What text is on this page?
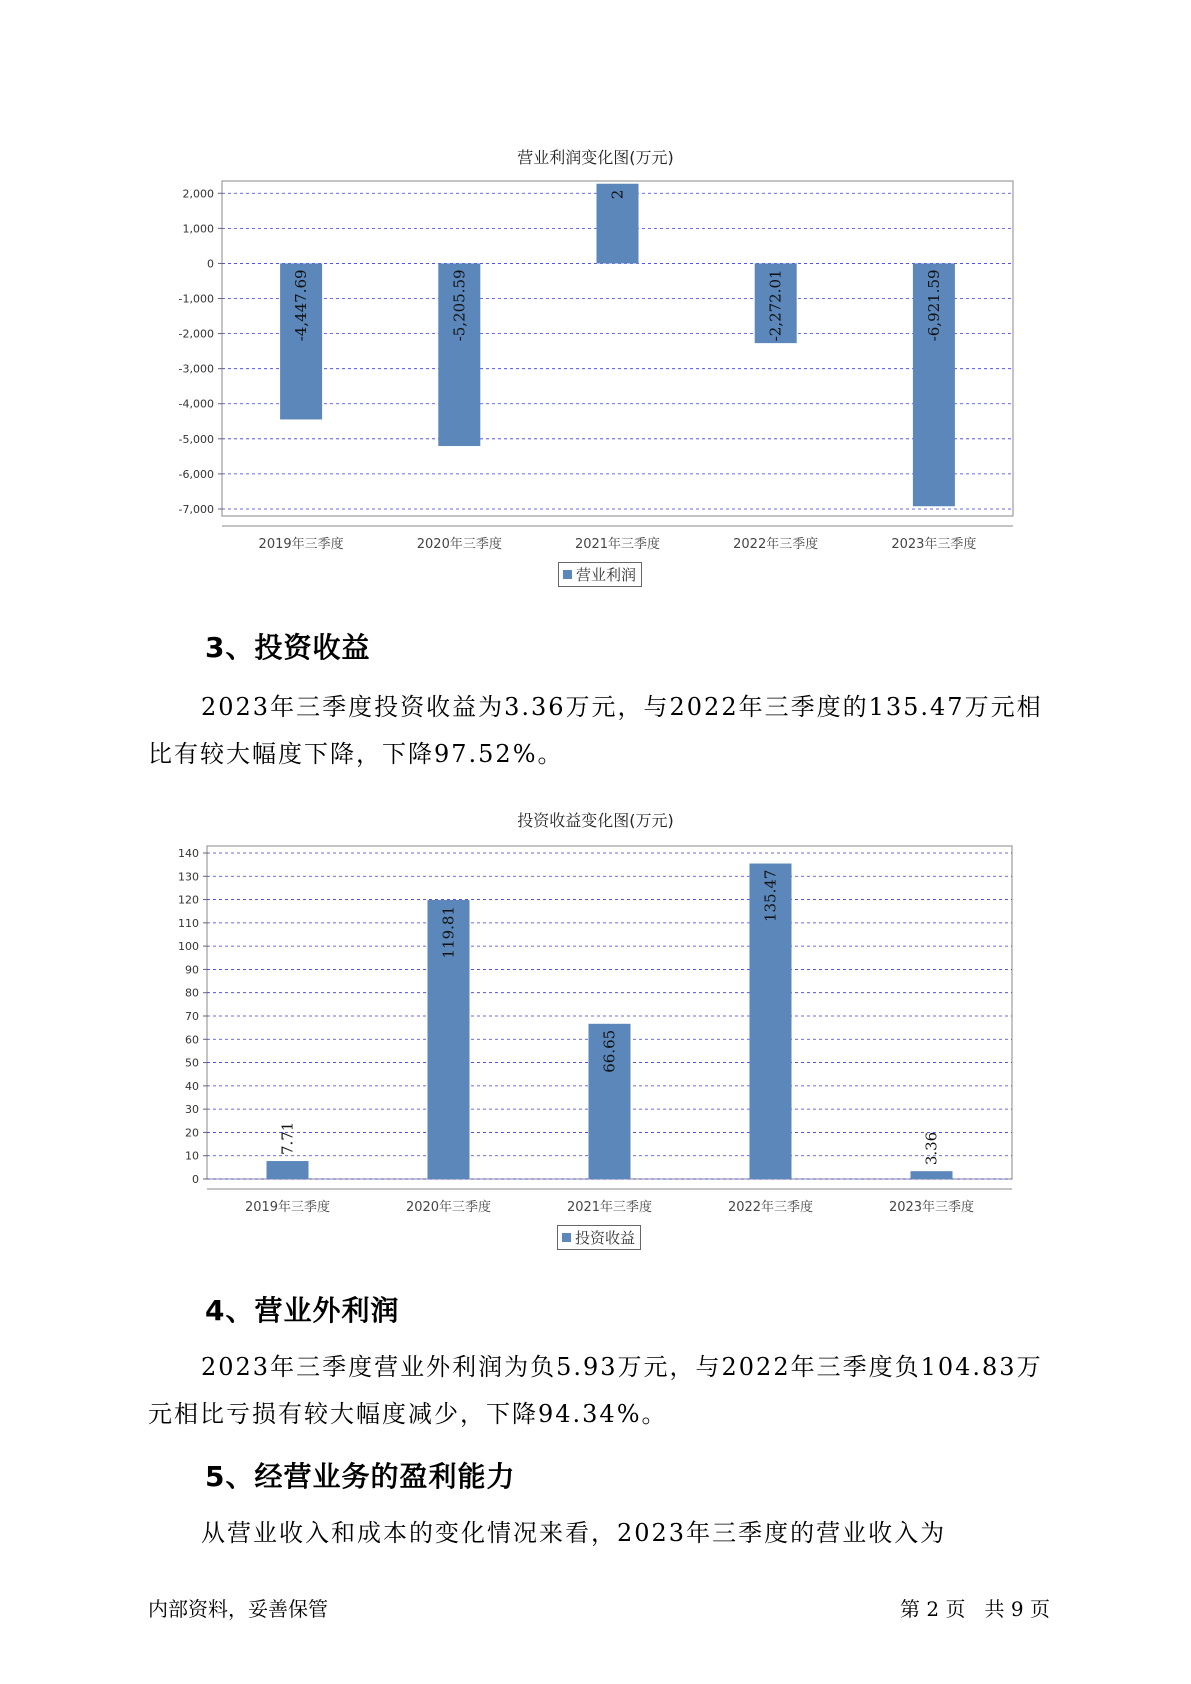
营业利润变化图(万元)
2,000
1,000
0
-1,000
-2,000
-3,000
-4,000
-5,000
-6,000
-7,000
-4,447.69
2019年三季度
-5,205.59
2020年三季度
2
2021年三季度
-2,272.01
2022年三季度
-6,921.59
2023年三季度
营业利润
3、投资收益
2023年三季度投资收益为3.36万元，与2022年三季度的135.47万元相
比有较大幅度下降，下降97.52%。
投资收益变化图(万元)
140
130
120
110
100
90
80
70
60
50
40
30
20
10
0
7.71
2019年三季度
119.81
2020年三季度
66.65
2021年三季度
135.47
2022年三季度
3.36
2023年三季度
投资收益
4、营业外利润
2023年三季度营业外利润为负5.93万元，与2022年三季度负104.83万
元相比亏损有较大幅度减少，下降94.34%。
5、经营业务的盈利能力
从营业收入和成本的变化情况来看，2023年三季度的营业收入为
内部资料，妥善保管	第 2 页   共 9 页
